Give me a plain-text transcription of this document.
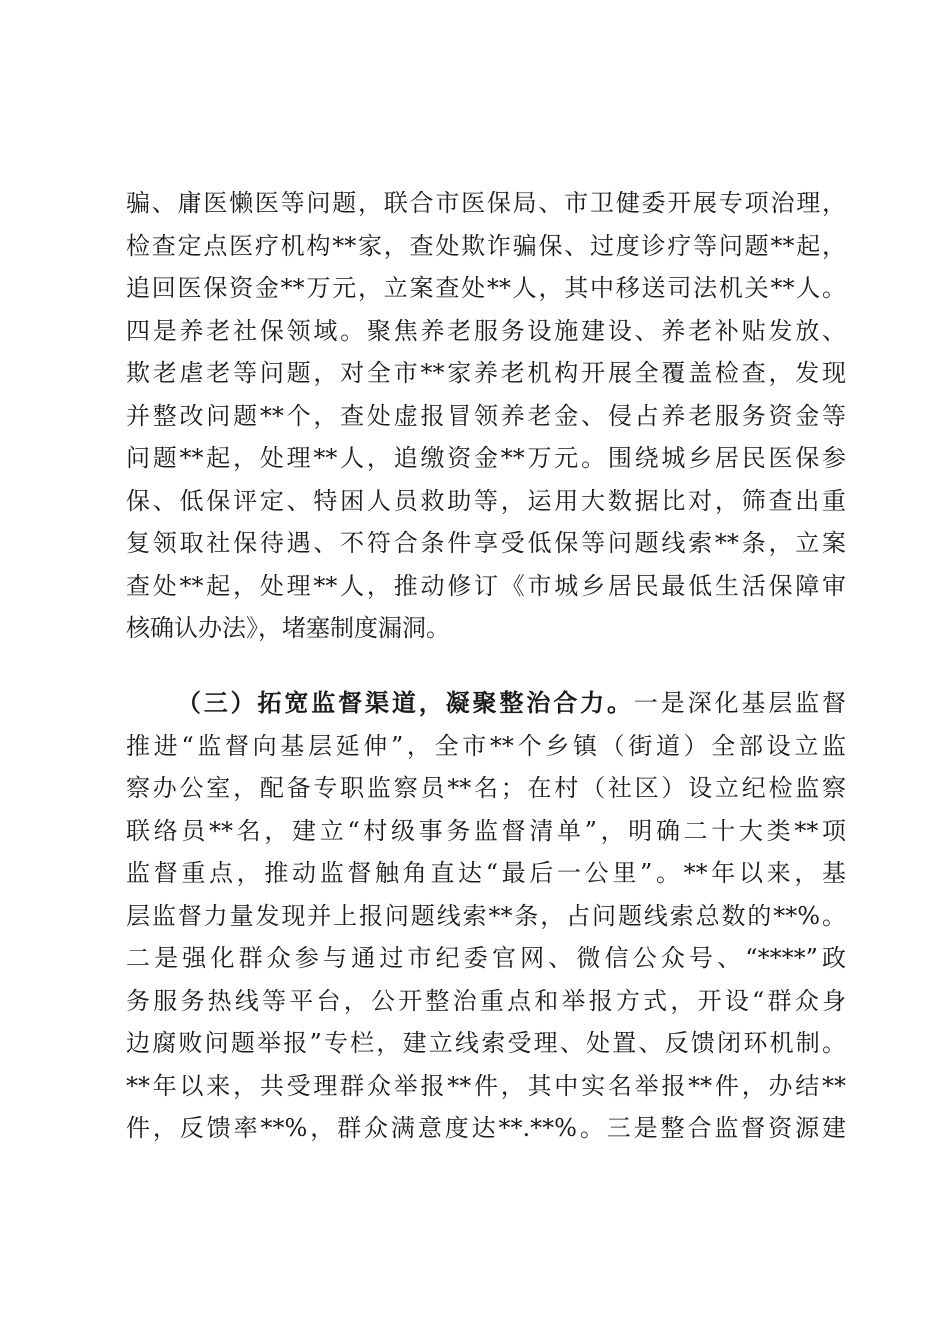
骗、庸医懒医等问题，联合市医保局、市卫健委开展专项治理，
检查定点医疗机构**家，查处欺诈骗保、过度诊疗等问题**起，
追回医保资金**万元，立案查处**人，其中移送司法机关**人。
四是养老社保领域。聚焦养老服务设施建设、养老补贴发放、
欺老虐老等问题，对全市**家养老机构开展全覆盖检查，发现
并整改问题**个，查处虚报冒领养老金、侵占养老服务资金等
问题**起，处理**人，追缴资金**万元。围绕城乡居民医保参
保、低保评定、特困人员救助等，运用大数据比对，筛查出重
复领取社保待遇、不符合条件享受低保等问题线索**条，立案
查处**起，处理**人，推动修订《市城乡居民最低生活保障审
核确认办法》，堵塞制度漏洞。
（三）拓宽监督渠道，凝聚整治合力。一是深化基层监督
推进“监督向基层延伸”，全市**个乡镇（街道）全部设立监
察办公室，配备专职监察员**名；在村（社区）设立纪检监察
联络员**名，建立“村级事务监督清单”，明确二十大类**项
监督重点，推动监督触角直达“最后一公里”。**年以来，基
层监督力量发现并上报问题线索**条，占问题线索总数的**%。
二是强化群众参与通过市纪委官网、微信公众号、“****”政
务服务热线等平台，公开整治重点和举报方式，开设“群众身
边腐败问题举报”专栏，建立线索受理、处置、反馈闭环机制。
**年以来，共受理群众举报**件，其中实名举报**件，办结**
件，反馈率**%，群众满意度达**.**%。三是整合监督资源建
